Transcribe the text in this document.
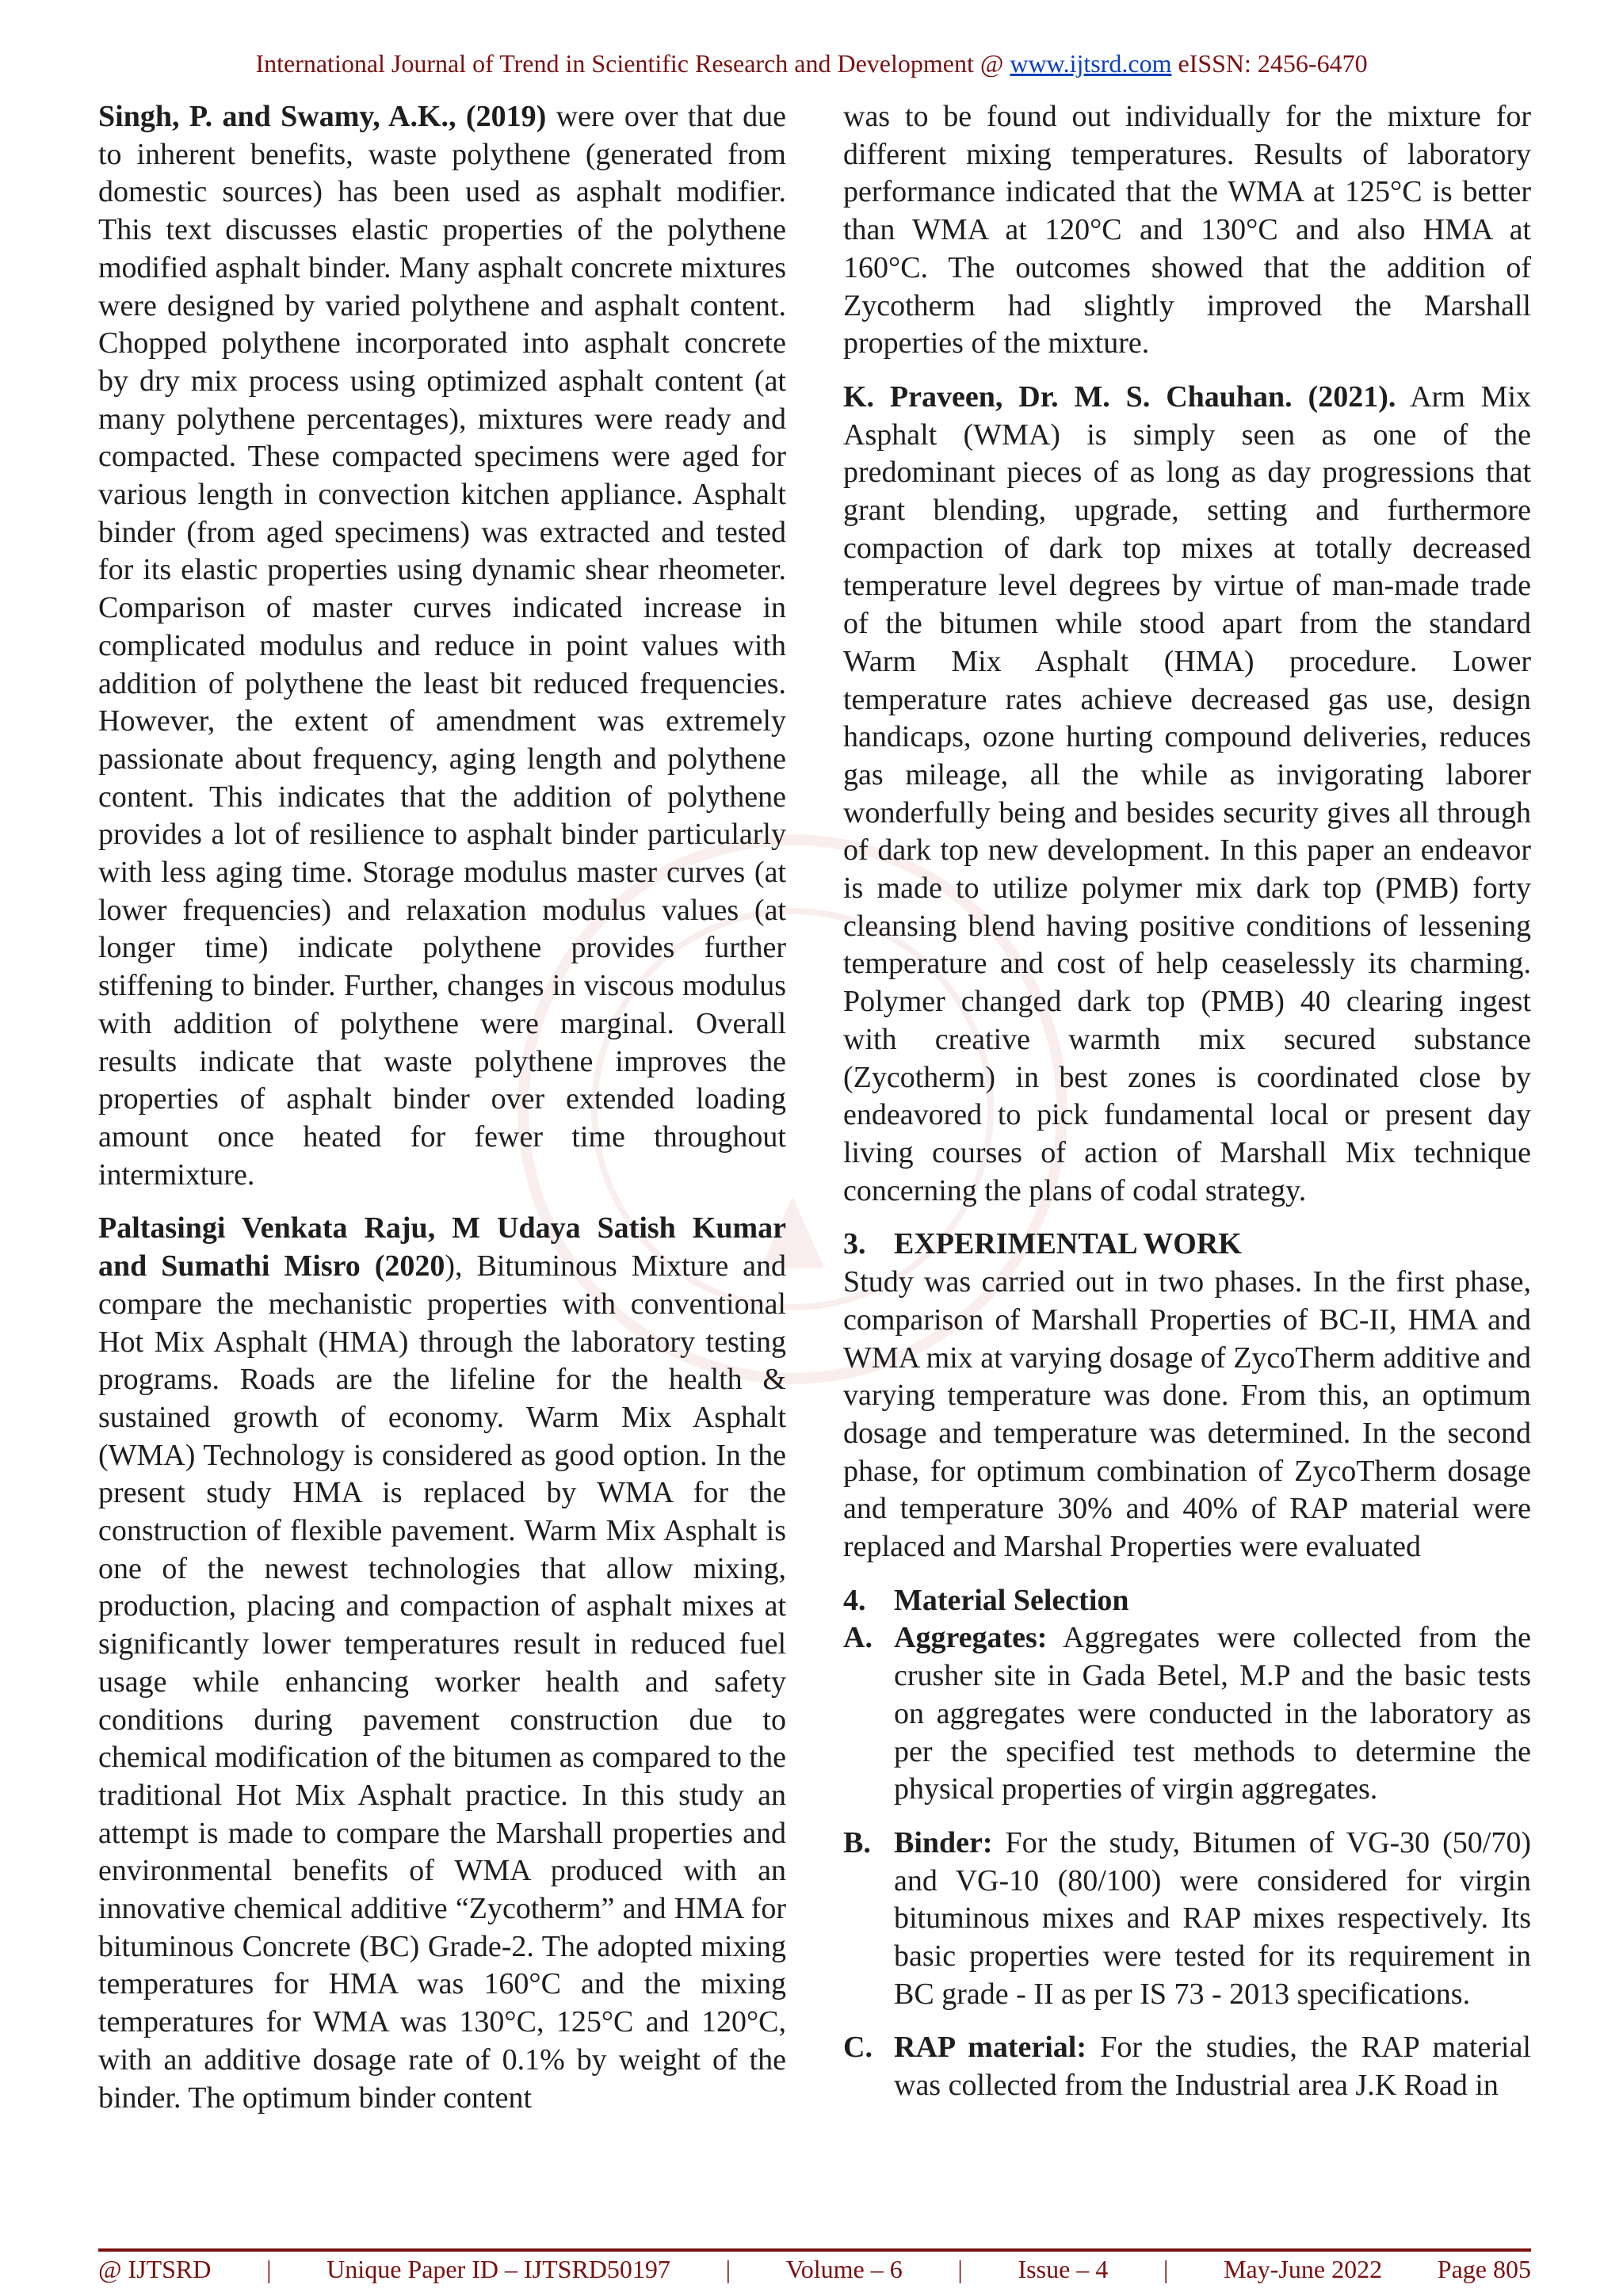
International Journal of Trend in Scientific Research and Development @ www.ijtsrd.com eISSN: 2456-6470

Singh, P. and Swamy, A.K., (2019) were over that due to inherent benefits, waste polythene (generated from domestic sources) has been used as asphalt modifier. This text discusses elastic properties of the polythene modified asphalt binder. Many asphalt concrete mixtures were designed by varied polythene and asphalt content. Chopped polythene incorporated into asphalt concrete by dry mix process using optimized asphalt content (at many polythene percentages), mixtures were ready and compacted. These compacted specimens were aged for various length in convection kitchen appliance. Asphalt binder (from aged specimens) was extracted and tested for its elastic properties using dynamic shear rheometer. Comparison of master curves indicated increase in complicated modulus and reduce in point values with addition of polythene the least bit reduced frequencies. However, the extent of amendment was extremely passionate about frequency, aging length and polythene content. This indicates that the addition of polythene provides a lot of resilience to asphalt binder particularly with less aging time. Storage modulus master curves (at lower frequencies) and relaxation modulus values (at longer time) indicate polythene provides further stiffening to binder. Further, changes in viscous modulus with addition of polythene were marginal. Overall results indicate that waste polythene improves the properties of asphalt binder over extended loading amount once heated for fewer time throughout intermixture.

Paltasingi Venkata Raju, M Udaya Satish Kumar and Sumathi Misro (2020), Bituminous Mixture and compare the mechanistic properties with conventional Hot Mix Asphalt (HMA) through the laboratory testing programs. Roads are the lifeline for the health & sustained growth of economy. Warm Mix Asphalt (WMA) Technology is considered as good option. In the present study HMA is replaced by WMA for the construction of flexible pavement. Warm Mix Asphalt is one of the newest technologies that allow mixing, production, placing and compaction of asphalt mixes at significantly lower temperatures result in reduced fuel usage while enhancing worker health and safety conditions during pavement construction due to chemical modification of the bitumen as compared to the traditional Hot Mix Asphalt practice. In this study an attempt is made to compare the Marshall properties and environmental benefits of WMA produced with an innovative chemical additive “Zycotherm” and HMA for bituminous Concrete (BC) Grade-2. The adopted mixing temperatures for HMA was 160°C and the mixing temperatures for WMA was 130°C, 125°C and 120°C, with an additive dosage rate of 0.1% by weight of the binder. The optimum binder content

was to be found out individually for the mixture for different mixing temperatures. Results of laboratory performance indicated that the WMA at 125°C is better than WMA at 120°C and 130°C and also HMA at 160°C. The outcomes showed that the addition of Zycotherm had slightly improved the Marshall properties of the mixture.

K. Praveen, Dr. M. S. Chauhan. (2021). Arm Mix Asphalt (WMA) is simply seen as one of the predominant pieces of as long as day progressions that grant blending, upgrade, setting and furthermore compaction of dark top mixes at totally decreased temperature level degrees by virtue of man-made trade of the bitumen while stood apart from the standard Warm Mix Asphalt (HMA) procedure. Lower temperature rates achieve decreased gas use, design handicaps, ozone hurting compound deliveries, reduces gas mileage, all the while as invigorating laborer wonderfully being and besides security gives all through of dark top new development. In this paper an endeavor is made to utilize polymer mix dark top (PMB) forty cleansing blend having positive conditions of lessening temperature and cost of help ceaselessly its charming. Polymer changed dark top (PMB) 40 clearing ingest with creative warmth mix secured substance (Zycotherm) in best zones is coordinated close by endeavored to pick fundamental local or present day living courses of action of Marshall Mix technique concerning the plans of codal strategy.

3. EXPERIMENTAL WORK

Study was carried out in two phases. In the first phase, comparison of Marshall Properties of BC-II, HMA and WMA mix at varying dosage of ZycoTherm additive and varying temperature was done. From this, an optimum dosage and temperature was determined. In the second phase, for optimum combination of ZycoTherm dosage and temperature 30% and 40% of RAP material were replaced and Marshal Properties were evaluated

4. Material Selection
A. Aggregates: Aggregates were collected from the crusher site in Gada Betel, M.P and the basic tests on aggregates were conducted in the laboratory as per the specified test methods to determine the physical properties of virgin aggregates.
B. Binder: For the study, Bitumen of VG-30 (50/70) and VG-10 (80/100) were considered for virgin bituminous mixes and RAP mixes respectively. Its basic properties were tested for its requirement in BC grade - II as per IS 73 - 2013 specifications.
C. RAP material: For the studies, the RAP material was collected from the Industrial area J.K Road in
@ IJTSRD | Unique Paper ID – IJTSRD50197 | Volume – 6 | Issue – 4 | May-June 2022 Page 805
